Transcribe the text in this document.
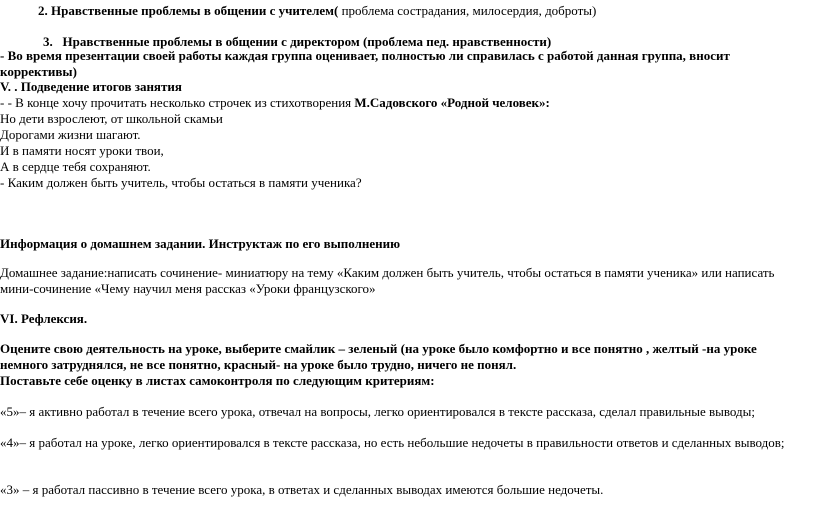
2. Нравственные проблемы в общении с учителем( проблема сострадания, милосердия, доброты)
3. Нравственные проблемы в общении с директором (проблема пед. нравственности)
- Во время презентации своей работы каждая группа оценивает, полностью ли справилась с работой данная группа, вносит коррективы)
V. . Подведение итогов занятия
- - В конце хочу прочитать несколько строчек из стихотворения М.Садовского «Родной человек»:
Но дети взрослеют, от школьной скамьи
Дорогами жизни шагают.
И в памяти носят уроки твои,
А в сердце тебя сохраняют.
- Каким должен быть учитель, чтобы остаться в памяти ученика?
Информация о домашнем задании. Инструктаж по его выполнению
Домашнее задание:написать сочинение- миниатюру на тему «Каким должен быть учитель, чтобы остаться в памяти ученика» или написать мини-сочинение «Чему научил меня рассказ «Уроки французского»
VI. Рефлексия.
Оцените свою деятельность на уроке, выберите смайлик – зеленый (на уроке было комфортно и все понятно , желтый -на уроке немного затруднялся, не все понятно, красный- на уроке было трудно, ничего не понял.
Поставьте себе оценку в листах самоконтроля по следующим критериям:
«5»– я активно работал в течение всего урока, отвечал на вопросы, легко ориентировался в тексте рассказа, сделал правильные выводы;
«4»– я работал на уроке, легко ориентировался в тексте рассказа, но есть небольшие недочеты в правильности ответов и сделанных выводов;
«3» – я работал пассивно в течение всего урока, в ответах и сделанных выводах имеются большие недочеты.
